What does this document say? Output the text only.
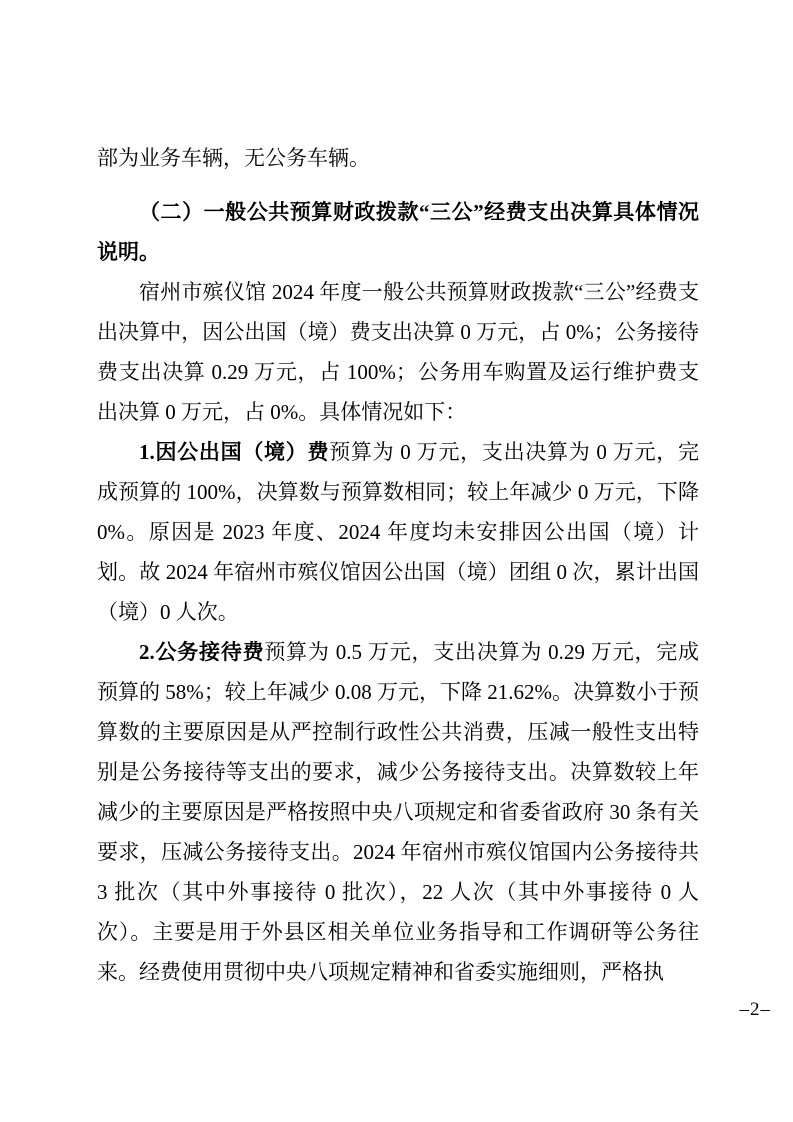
部为业务车辆，无公务车辆。

（二）一般公共预算财政拨款“三公”经费支出决算具体情况说明。

宿州市殡仪馆 2024 年度一般公共预算财政拨款“三公”经费支出决算中，因公出国（境）费支出决算 0 万元，占 0%；公务接待费支出决算 0.29 万元，占 100%；公务用车购置及运行维护费支出决算 0 万元，占 0%。具体情况如下：

1.因公出国（境）费预算为 0 万元，支出决算为 0 万元，完成预算的 100%，决算数与预算数相同；较上年减少 0 万元，下降 0%。原因是 2023 年度、2024 年度均未安排因公出国（境）计划。故 2024 年宿州市殡仪馆因公出国（境）团组 0 次，累计出国（境）0 人次。

2.公务接待费预算为 0.5 万元，支出决算为 0.29 万元，完成预算的 58%；较上年减少 0.08 万元，下降 21.62%。决算数小于预算数的主要原因是从严控制行政性公共消费，压减一般性支出特别是公务接待等支出的要求，减少公务接待支出。决算数较上年减少的主要原因是严格按照中央八项规定和省委省政府 30 条有关要求，压减公务接待支出。2024 年宿州市殡仪馆国内公务接待共 3 批次（其中外事接待 0 批次），22 人次（其中外事接待 0 人次）。主要是用于外县区相关单位业务指导和工作调研等公务往来。经费使用贯彻中央八项规定精神和省委实施细则，严格执

–2–
